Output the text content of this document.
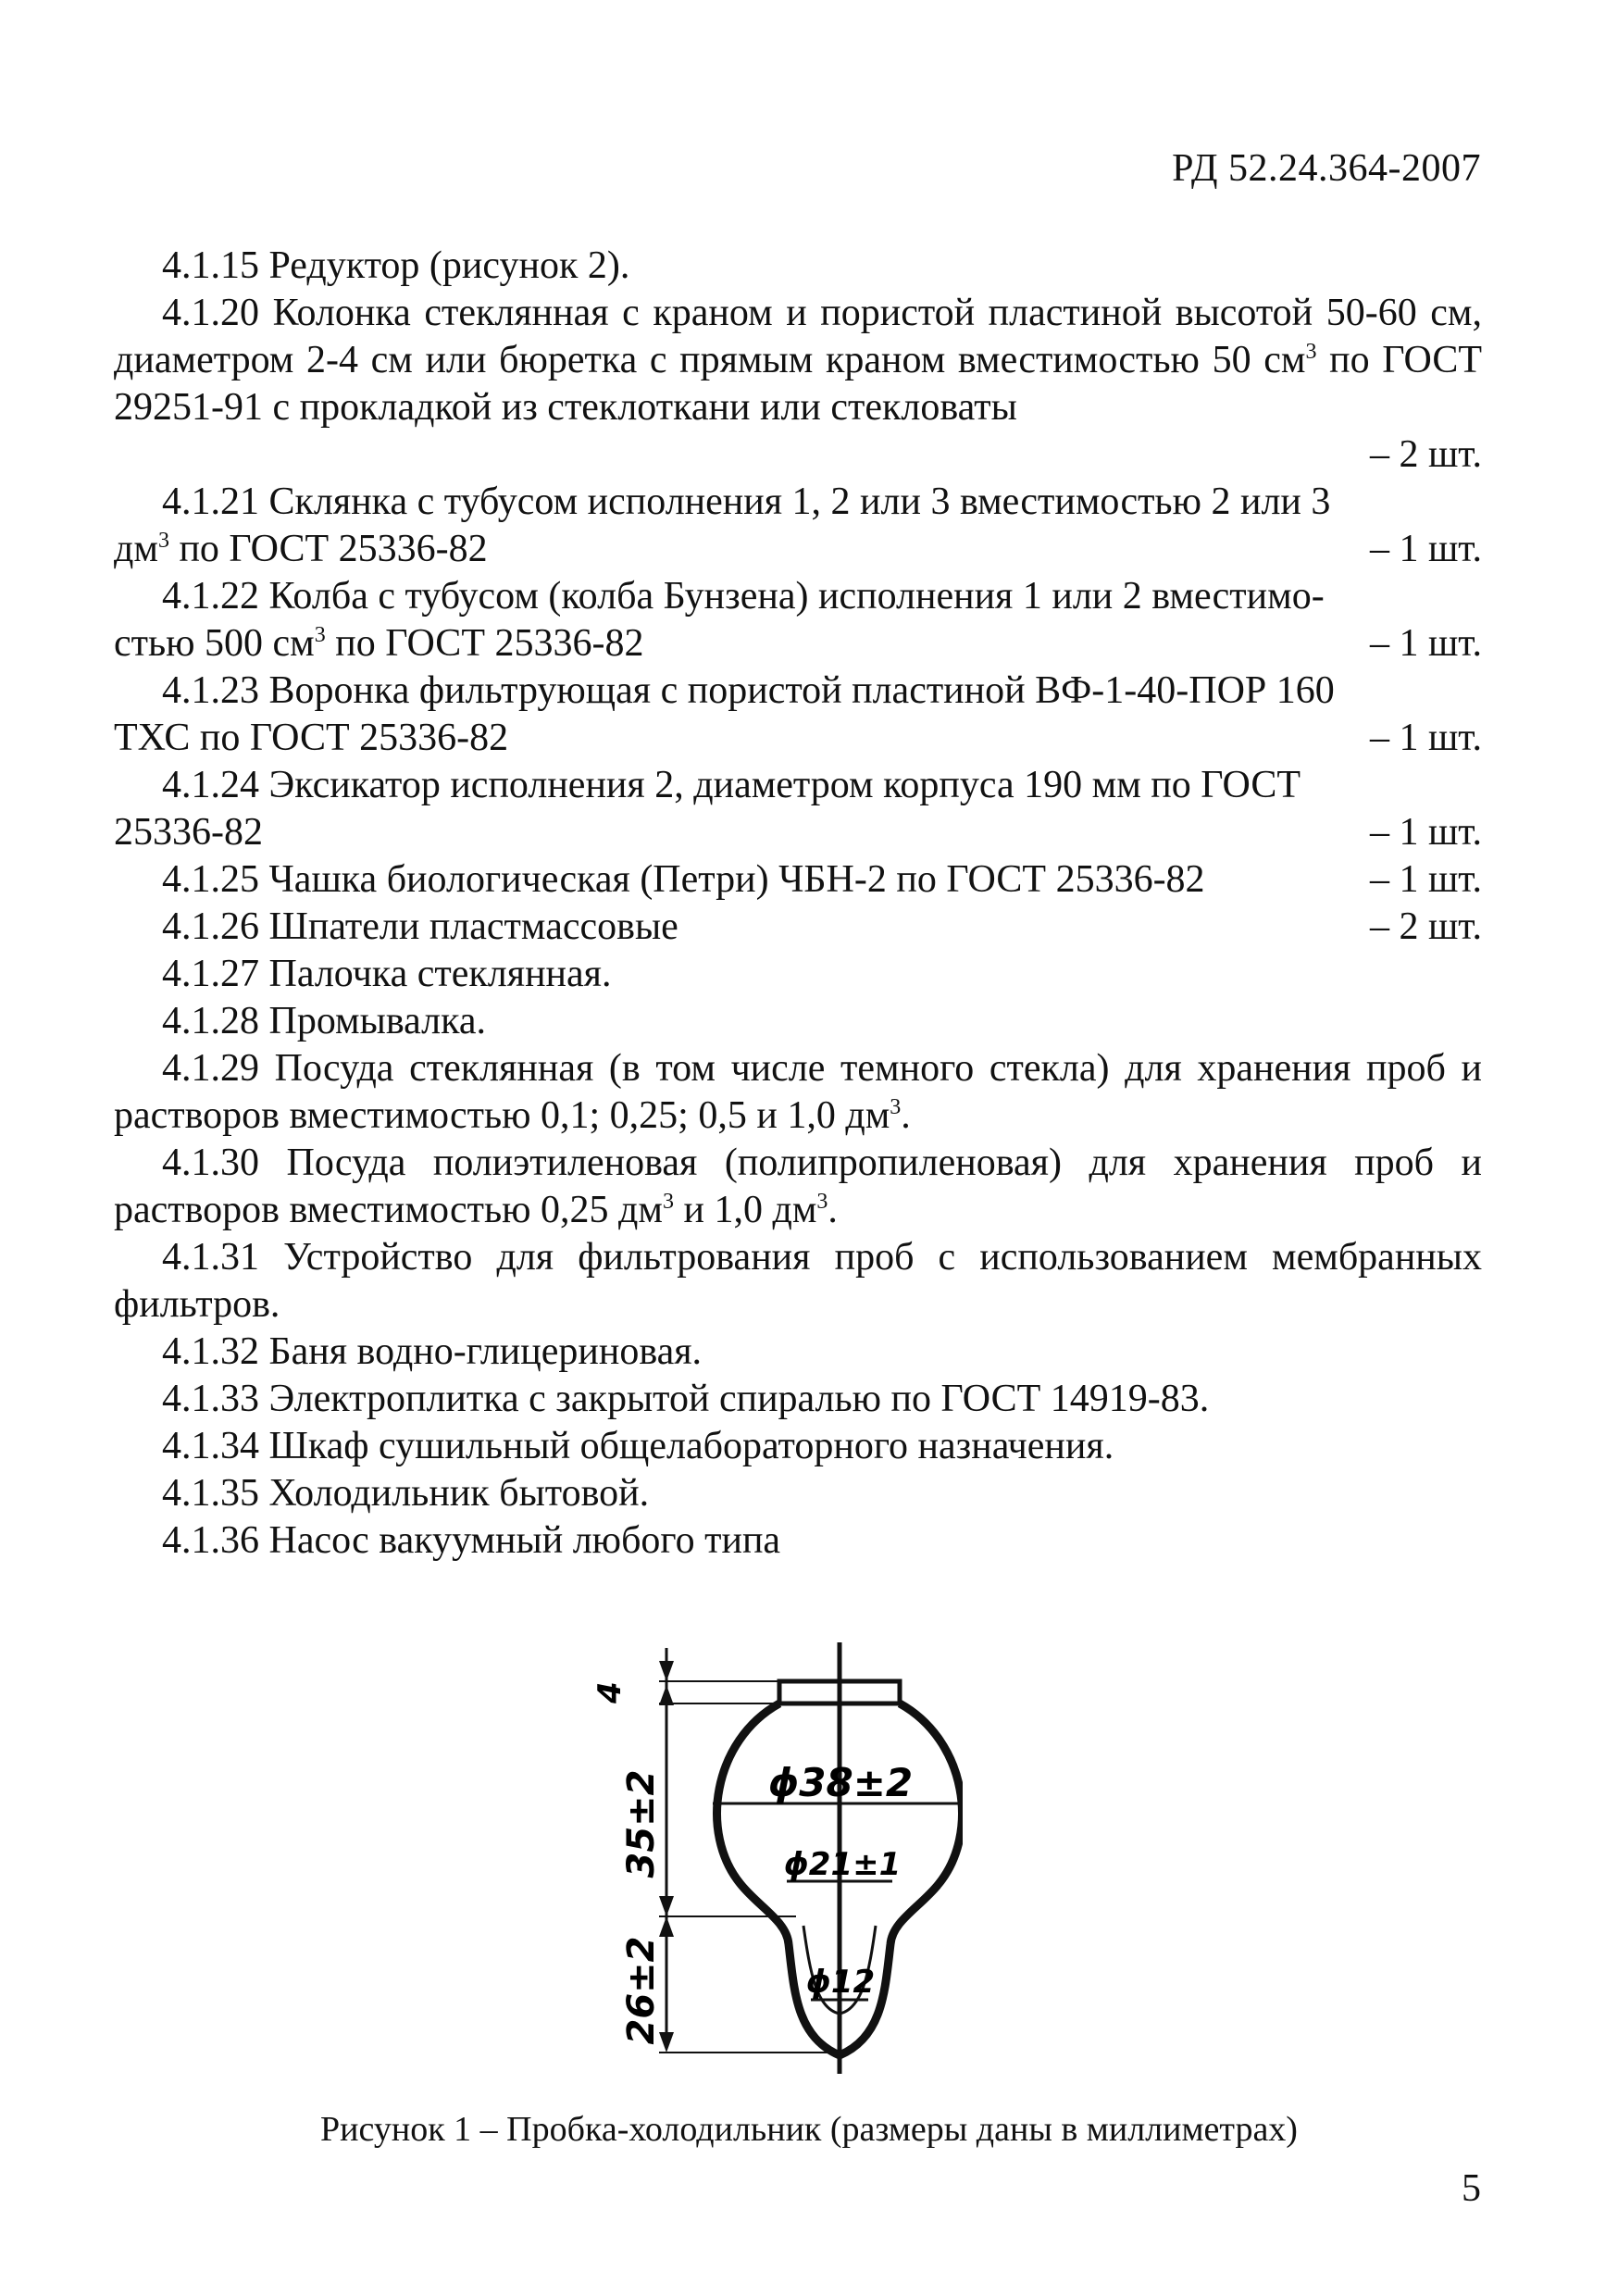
РД 52.24.364-2007

4.1.15 Редуктор (рисунок 2).

4.1.20 Колонка стеклянная с краном и пористой пластиной высотой 50-60 см, диаметром 2-4 см или бюретка с прямым краном вместимостью 50 $см^3$ по ГОСТ 29251-91 с прокладкой из стеклоткани или стекловаты

– 2 шт.

4.1.21 Склянка с тубусом исполнения 1, 2 или 3 вместимостью 2 или 3

$дм^3$ по ГОСТ 25336-82	– 1 шт.

4.1.22 Колба с тубусом (колба Бунзена) исполнения 1 или 2 вместимо-

стью 500 $см^3$ по ГОСТ 25336-82	– 1 шт.

4.1.23 Воронка фильтрующая с пористой пластиной ВФ-1-40-ПОР 160

ТХС по ГОСТ 25336-82	– 1 шт.

4.1.24 Эксикатор исполнения 2, диаметром корпуса 190 мм по ГОСТ

25336-82	– 1 шт.
4.1.25 Чашка биологическая (Петри) ЧБН-2 по ГОСТ 25336-82	– 1 шт.
4.1.26 Шпатели пластмассовые	– 2 шт.

4.1.27 Палочка стеклянная.

4.1.28 Промывалка.

4.1.29 Посуда стеклянная (в том числе темного стекла) для хранения проб и растворов вместимостью 0,1; 0,25; 0,5 и 1,0 $дм^3$.

4.1.30 Посуда полиэтиленовая (полипропиленовая) для хранения проб и растворов вместимостью 0,25 $дм^3$ и 1,0 $дм^3$.

4.1.31 Устройство для фильтрования проб с использованием мембранных фильтров.

4.1.32 Баня водно-глицериновая.

4.1.33 Электроплитка с закрытой спиралью по ГОСТ 14919-83.

4.1.34 Шкаф сушильный общелабораторного назначения.

4.1.35 Холодильник бытовой.

4.1.36 Насос вакуумный любого типа

4
35±2
26±2
ϕ38±2
ϕ21±1
ϕ12
Рисунок 1 – Пробка-холодильник (размеры даны в миллиметрах)
5
